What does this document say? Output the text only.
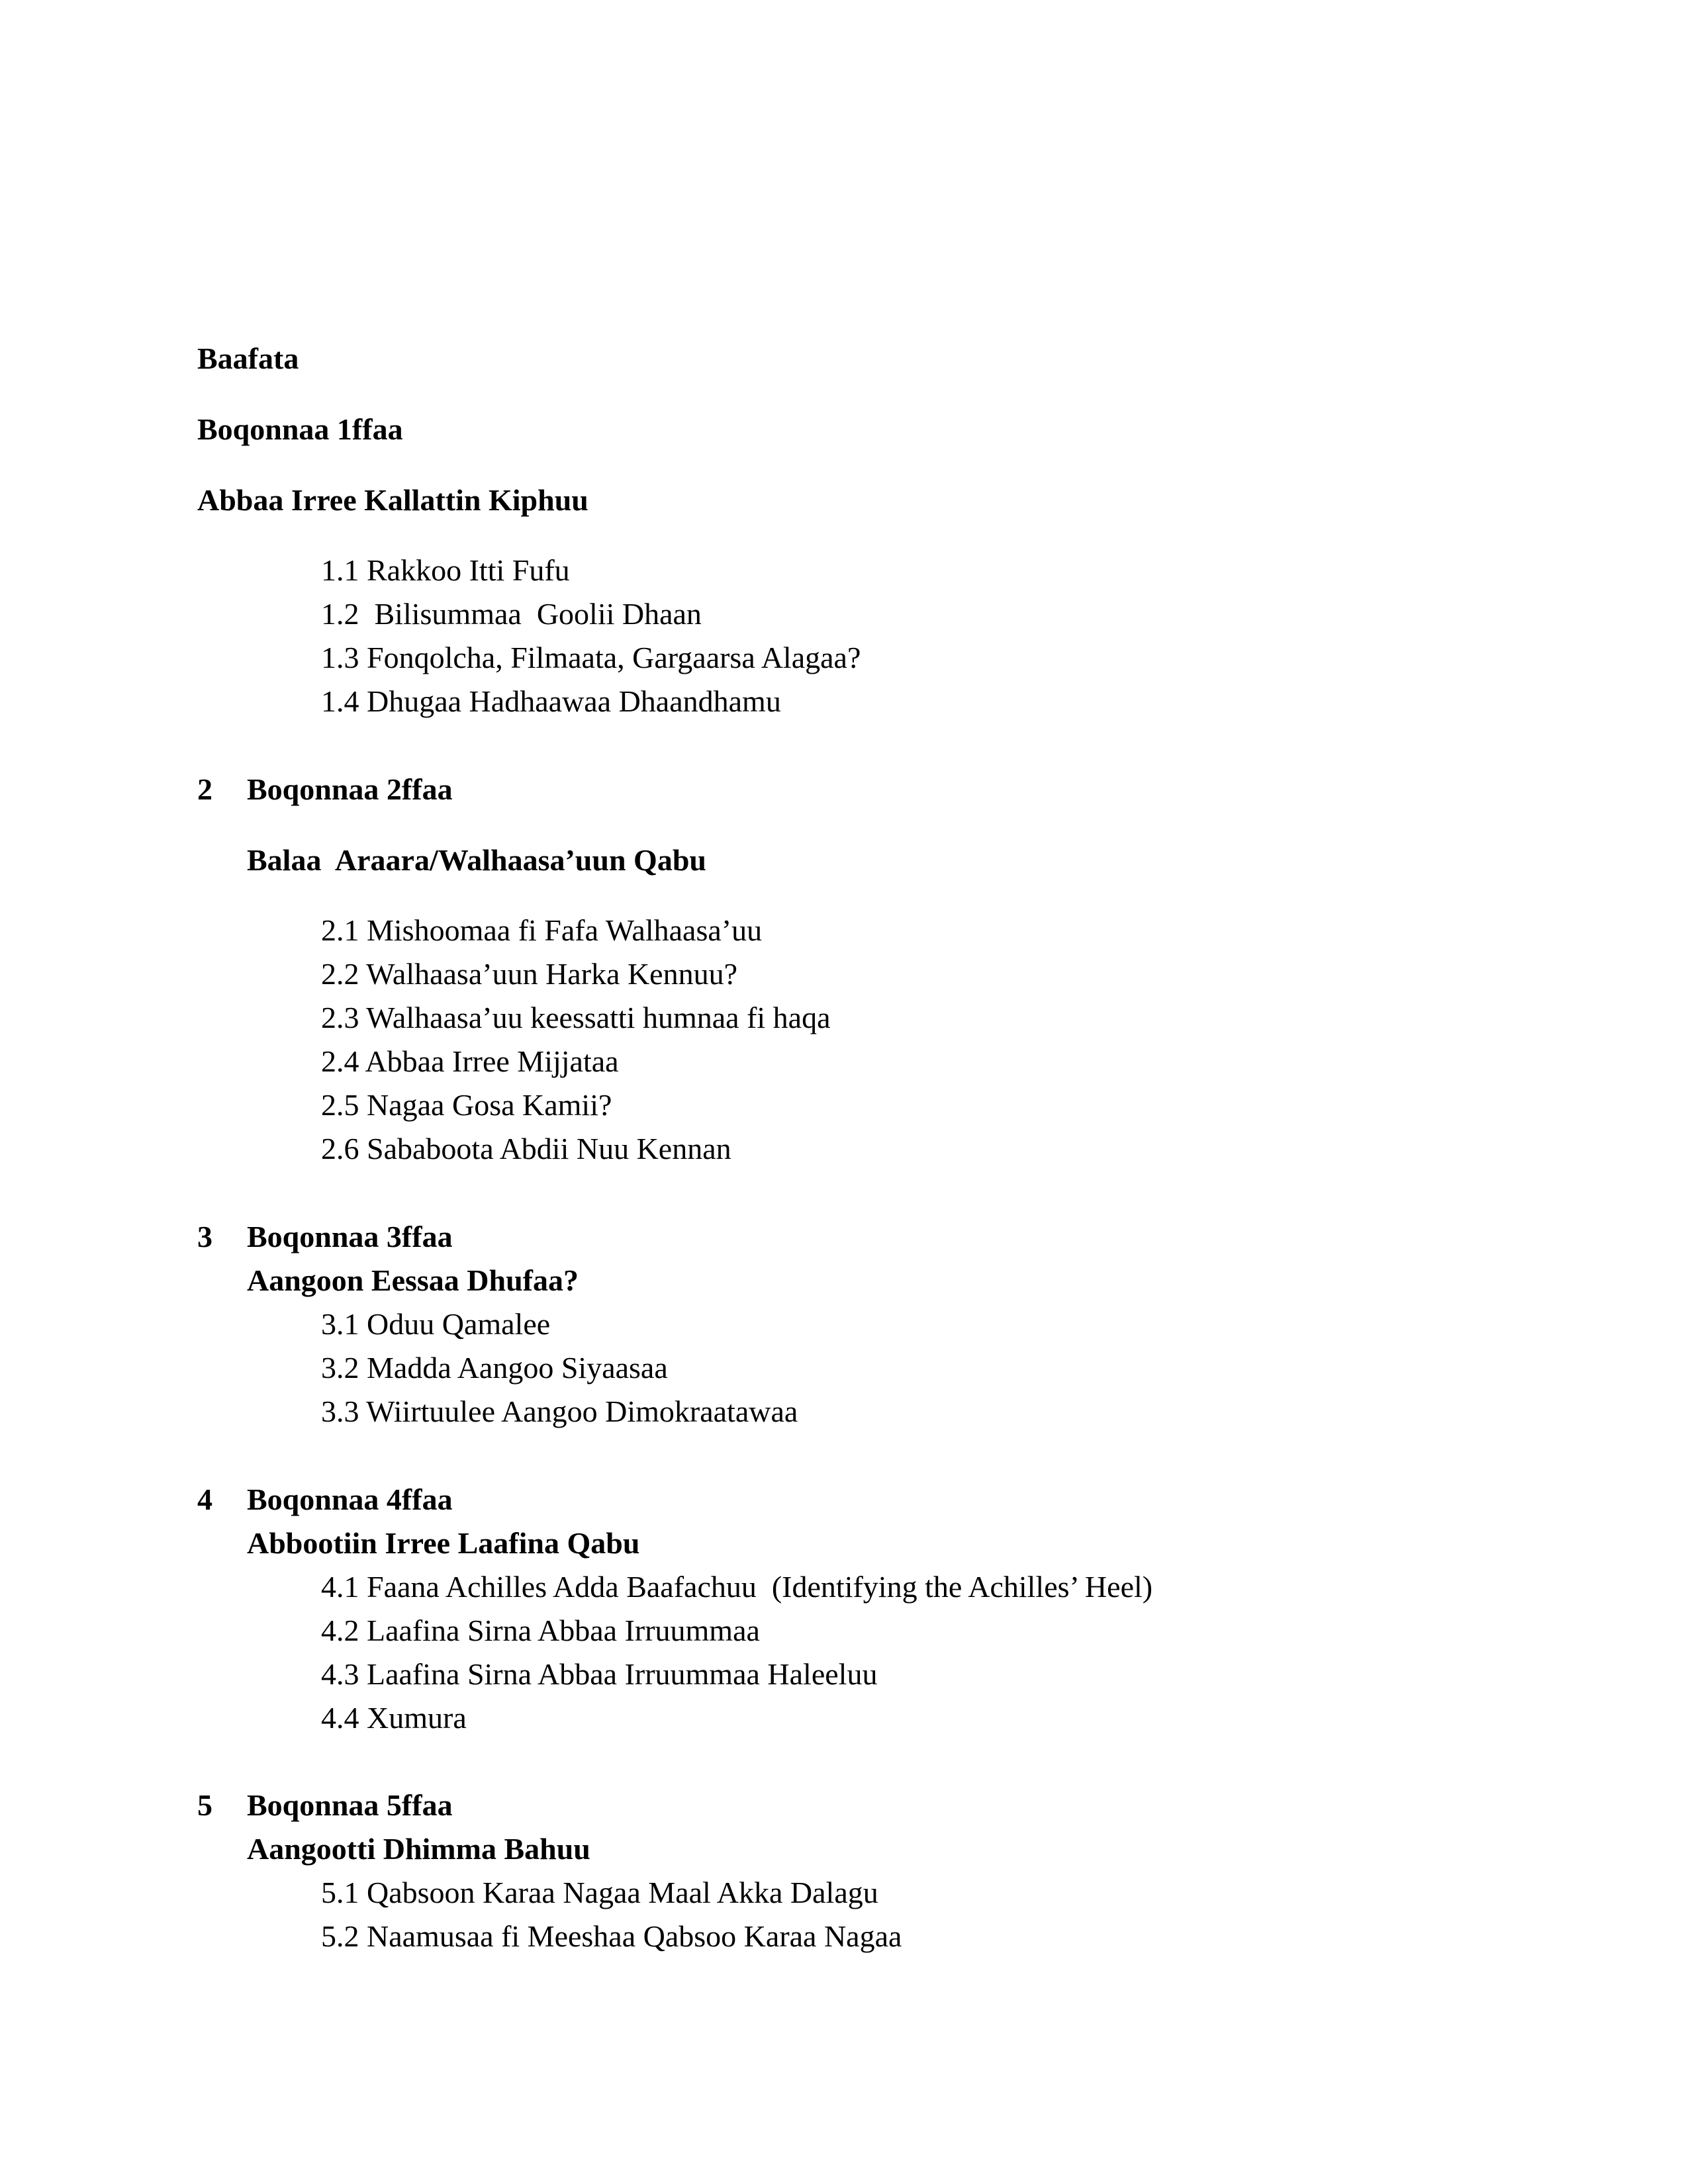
Baafata
Boqonnaa 1ffaa
Abbaa Irree Kallattin Kiphuu
1.1 Rakkoo Itti Fufu
1.2  Bilisummaa  Goolii Dhaan
1.3 Fonqolcha, Filmaata, Gargaarsa Alagaa?
1.4 Dhugaa Hadhaawaa Dhaandhamu
2 Boqonnaa 2ffaa
Balaa  Araara/Walhaasa’uun Qabu
2.1 Mishoomaa fi Fafa Walhaasa’uu
2.2 Walhaasa’uun Harka Kennuu?
2.3 Walhaasa’uu keessatti humnaa fi haqa
2.4 Abbaa Irree Mijjataa
2.5 Nagaa Gosa Kamii?
2.6 Sababoota Abdii Nuu Kennan
3 Boqonnaa 3ffaa
Aangoon Eessaa Dhufaa?
3.1 Oduu Qamalee
3.2 Madda Aangoo Siyaasaa
3.3 Wiirtuulee Aangoo Dimokraatawaa
4 Boqonnaa 4ffaa
Abbootiin Irree Laafina Qabu
4.1 Faana Achilles Adda Baafachuu  (Identifying the Achilles’ Heel)
4.2 Laafina Sirna Abbaa Irruummaa
4.3 Laafina Sirna Abbaa Irruummaa Haleeluu
4.4 Xumura
5 Boqonnaa 5ffaa
Aangootti Dhimma Bahuu
5.1 Qabsoon Karaa Nagaa Maal Akka Dalagu
5.2 Naamusaa fi Meeshaa Qabsoo Karaa Nagaa
